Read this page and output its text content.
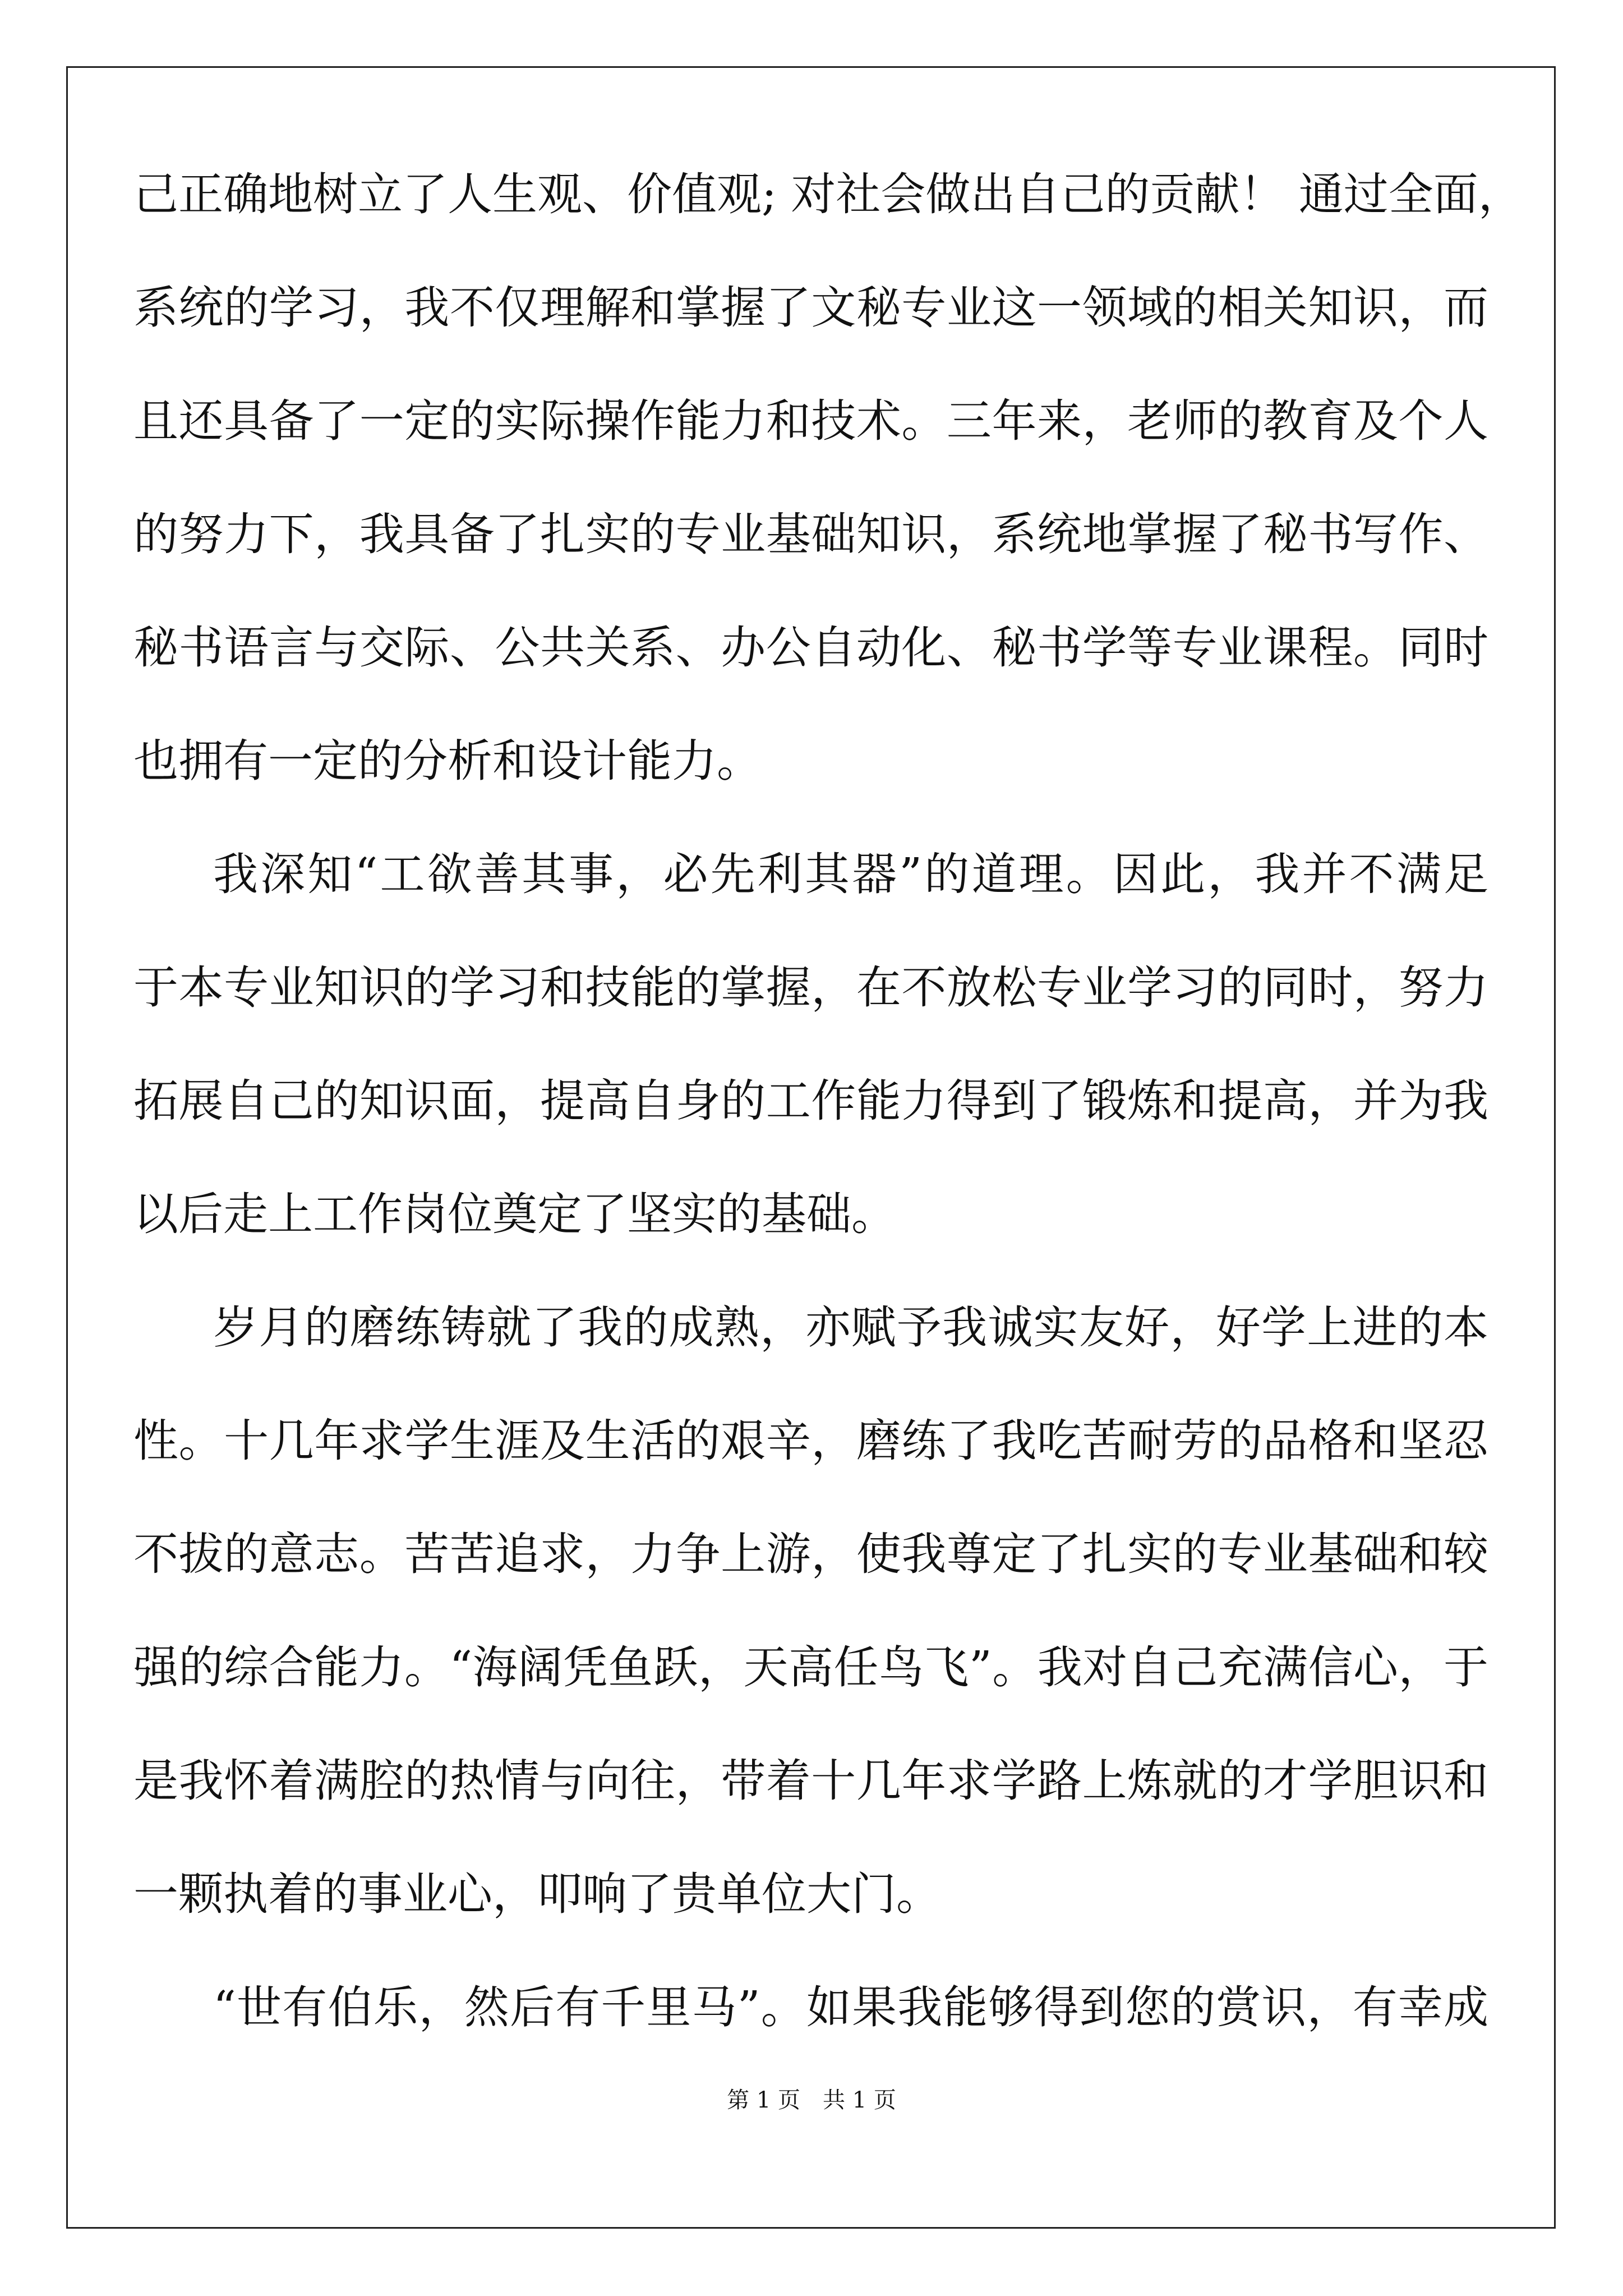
己正确地树立了人生观、价值观; 对社会做出自己的贡献！ 通过全面，
系统的学习，我不仅理解和掌握了文秘专业这一领域的相关知识，而
且还具备了一定的实际操作能力和技术。三年来，老师的教育及个人
的努力下，我具备了扎实的专业基础知识，系统地掌握了秘书写作、
秘书语言与交际、公共关系、办公自动化、秘书学等专业课程。同时
也拥有一定的分析和设计能力。
我深知“工欲善其事，必先利其器”的道理。因此，我并不满足
于本专业知识的学习和技能的掌握，在不放松专业学习的同时，努力
拓展自己的知识面，提高自身的工作能力得到了锻炼和提高，并为我
以后走上工作岗位奠定了坚实的基础。
岁月的磨练铸就了我的成熟，亦赋予我诚实友好，好学上进的本
性。十几年求学生涯及生活的艰辛，磨练了我吃苦耐劳的品格和坚忍
不拔的意志。苦苦追求，力争上游，使我尊定了扎实的专业基础和较
强的综合能力。“海阔凭鱼跃，天高任鸟飞”。我对自己充满信心，于
是我怀着满腔的热情与向往，带着十几年求学路上炼就的才学胆识和
一颗执着的事业心，叩响了贵单位大门。
“世有伯乐，然后有千里马”。如果我能够得到您的赏识，有幸成
第 1 页 共 1 页
